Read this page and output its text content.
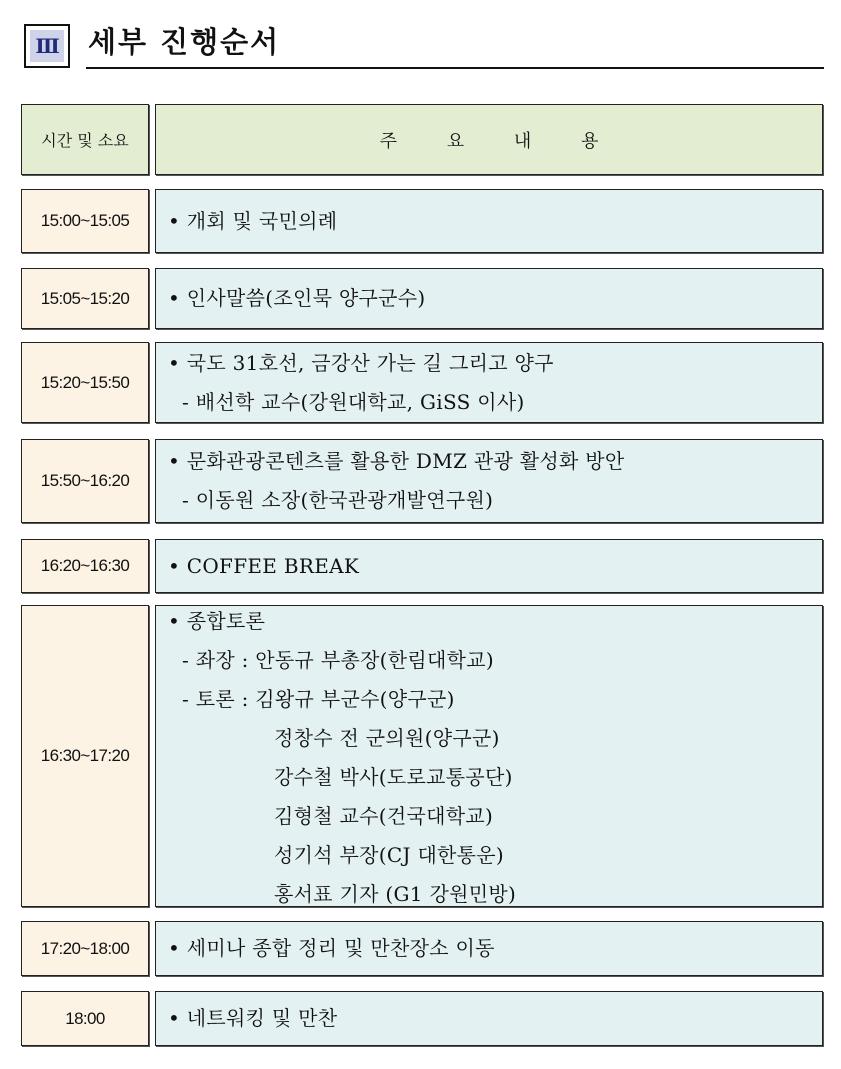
Ⅲ 세부 진행순서
시간 및 소요	주 요 내 용
15:00~15:05	• 개회 및 국민의례
15:05~15:20	• 인사말씀(조인묵 양구군수)
15:20~15:50
• 국도 31호선, 금강산 가는 길 그리고 양구
- 배선학 교수(강원대학교, GiSS 이사)
15:50~16:20
• 문화관광콘텐츠를 활용한 DMZ 관광 활성화 방안
- 이동원 소장(한국관광개발연구원)
16:20~16:30	• COFFEE BREAK
16:30~17:20
• 종합토론
- 좌장 : 안동규 부총장(한림대학교)
- 토론 : 김왕규 부군수(양구군)
정창수 전 군의원(양구군)
강수철 박사(도로교통공단)
김형철 교수(건국대학교)
성기석 부장(CJ 대한통운)
홍서표 기자 (G1 강원민방)
17:20~18:00	• 세미나 종합 정리 및 만찬장소 이동
18:00	• 네트워킹 및 만찬
